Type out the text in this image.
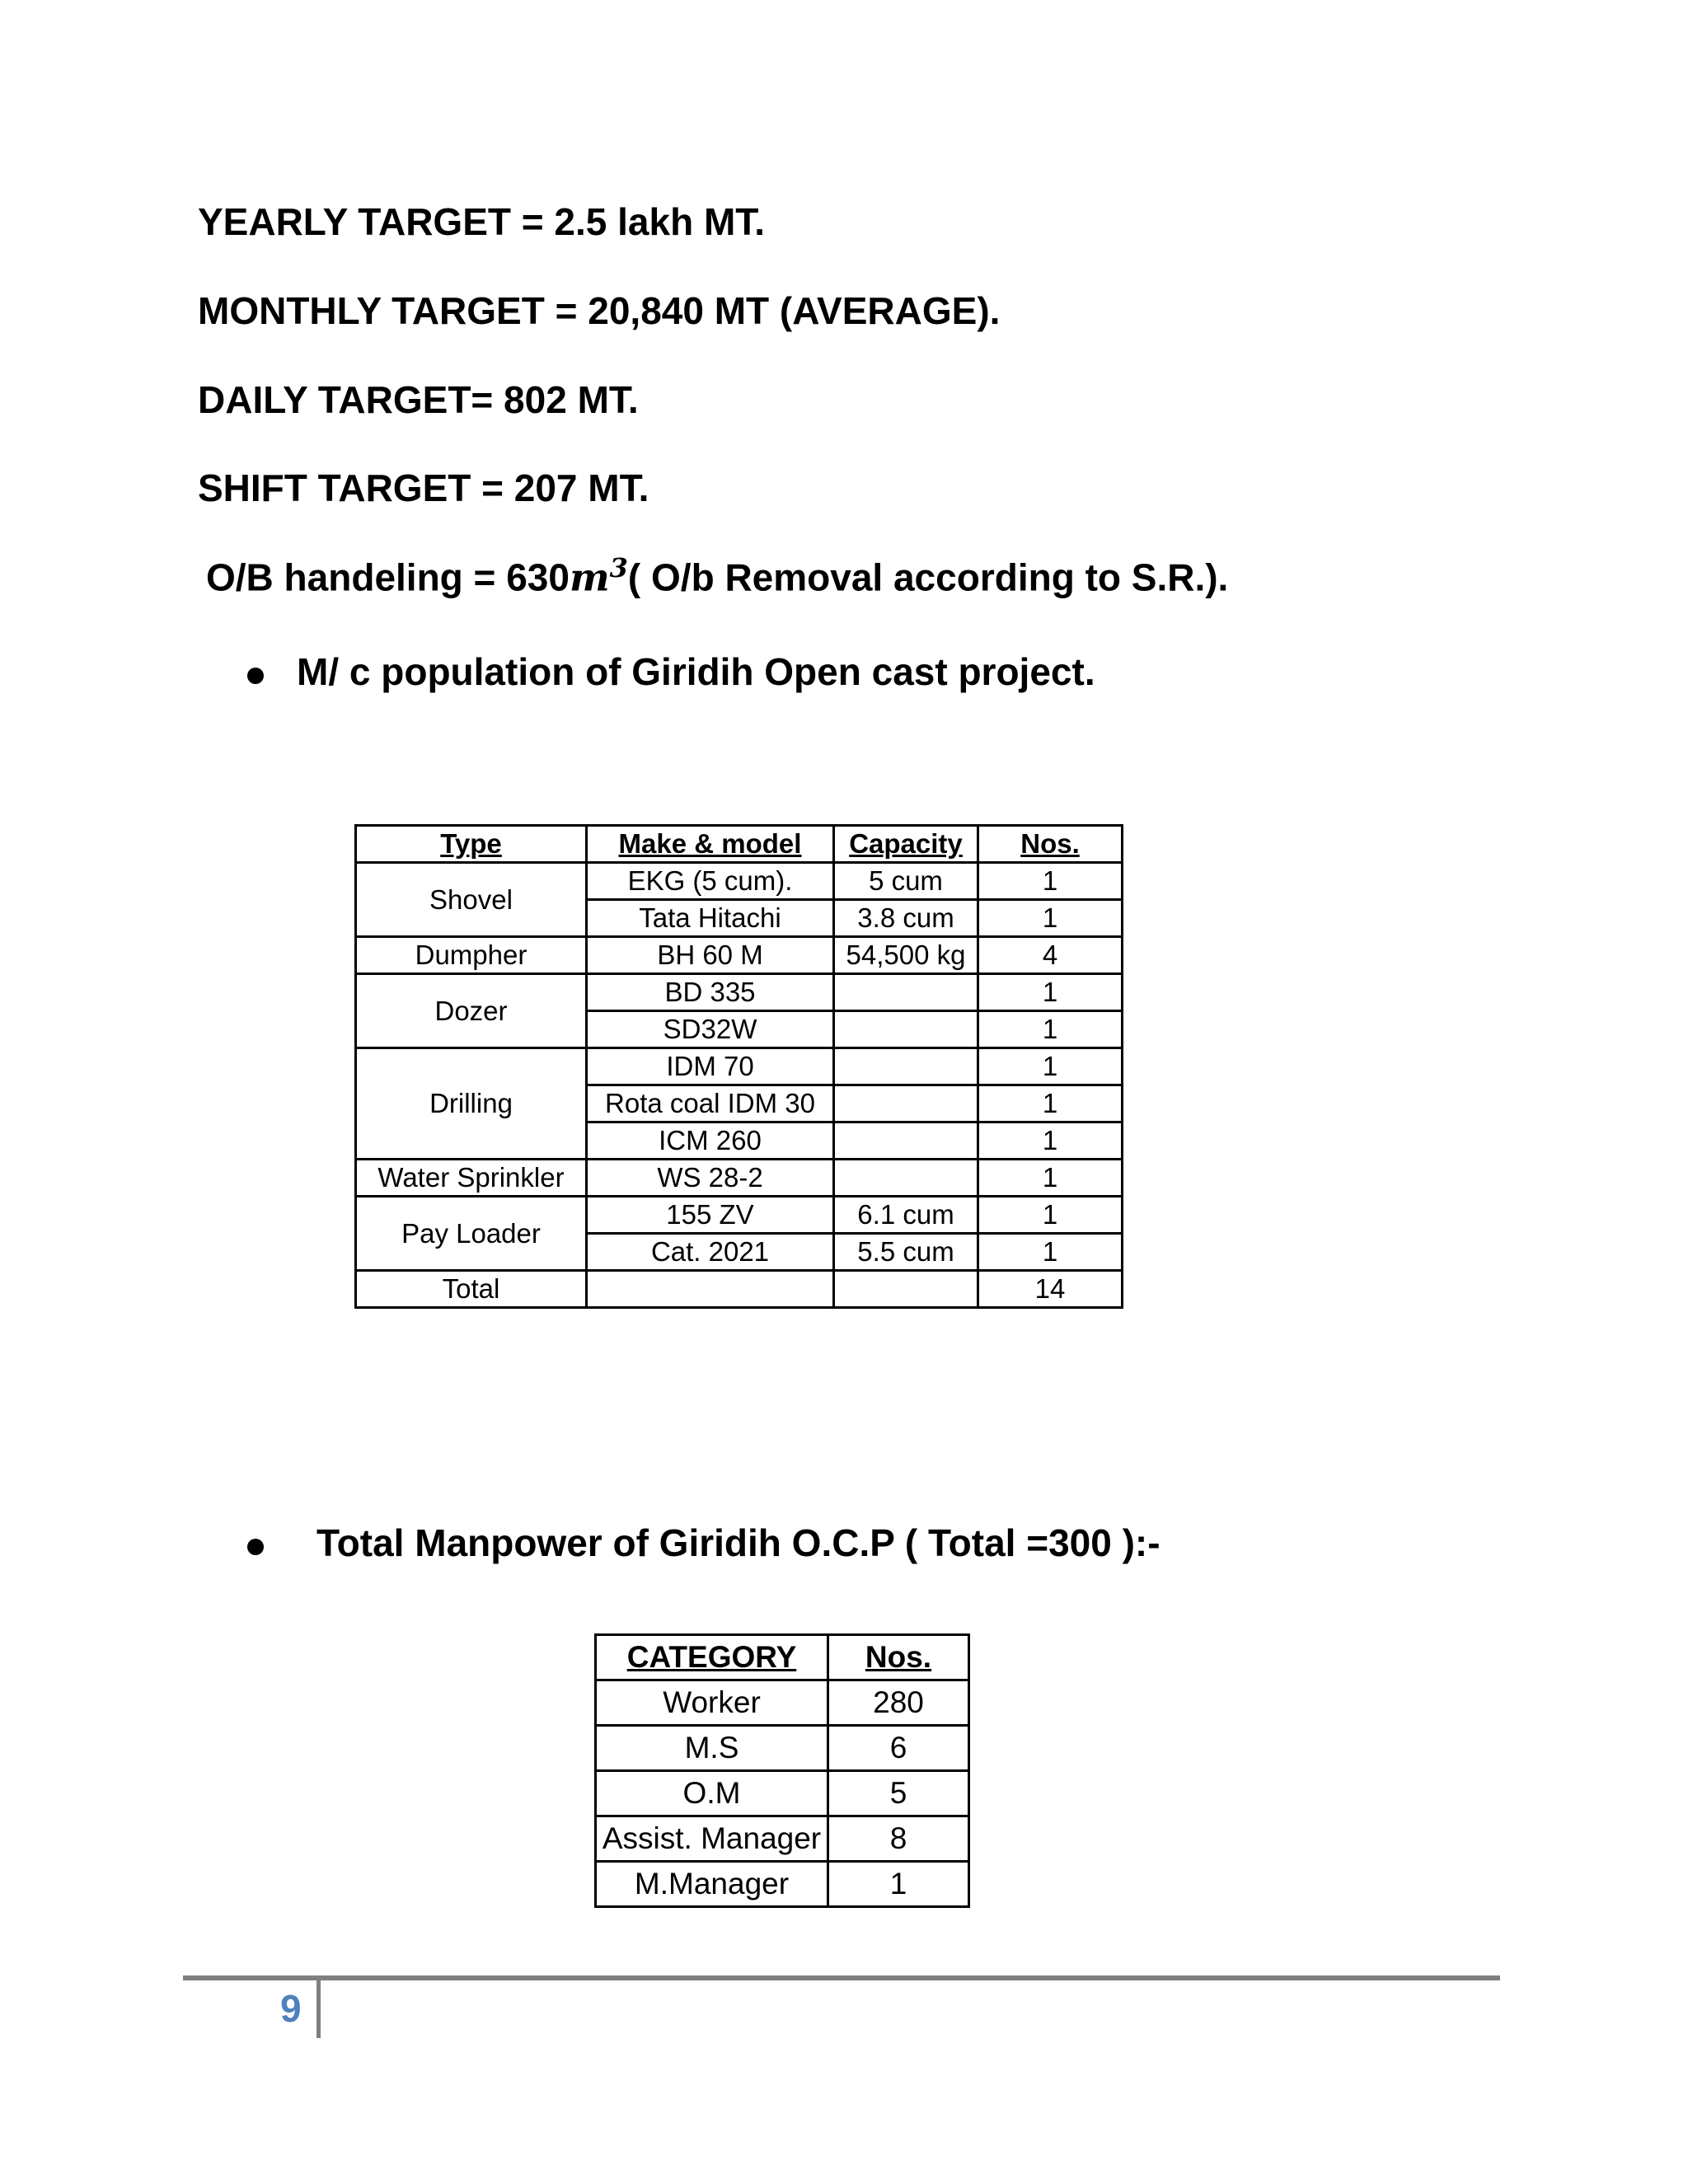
YEARLY TARGET = 2.5 lakh MT.
MONTHLY TARGET = 20,840 MT (AVERAGE).
DAILY TARGET= 802 MT.
SHIFT TARGET = 207 MT.
O/B handeling = $630m^3$( O/b Removal according to S.R.).
M/ c population of Giridih Open cast project.
Type	Make & model	Capacity	Nos.
Shovel	EKG (5 cum).	5 cum	1
	Tata Hitachi	3.8 cum	1
Dumpher	BH 60 M	54,500 kg	4
Dozer	BD 335		1
	SD32W		1
Drilling	IDM 70		1
	Rota coal IDM 30		1
	ICM 260		1
Water Sprinkler	WS 28-2		1
Pay Loader	155 ZV	6.1 cum	1
	Cat. 2021	5.5 cum	1
Total			14
Total Manpower of Giridih O.C.P ( Total =300 ):-
CATEGORY	Nos.
Worker	280
M.S	6
O.M	5
Assist. Manager	8
M.Manager	1
9
